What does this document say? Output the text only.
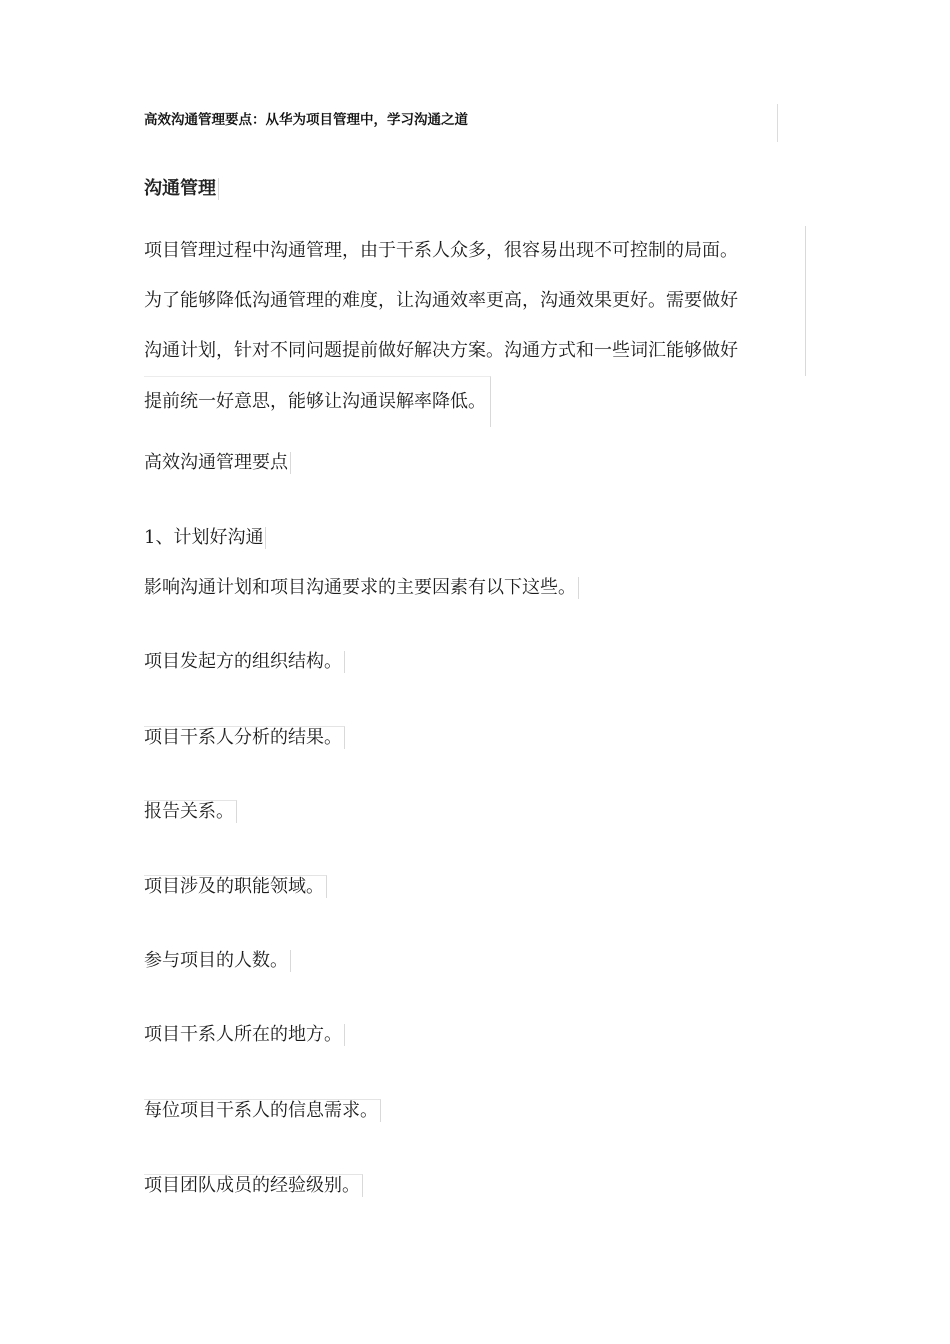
高效沟通管理要点：从华为项目管理中，学习沟通之道

沟通管理

项目管理过程中沟通管理，由于干系人众多，很容易出现不可控制的局面。
为了能够降低沟通管理的难度，让沟通效率更高，沟通效果更好。需要做好
沟通计划，针对不同问题提前做好解决方案。沟通方式和一些词汇能够做好
提前统一好意思，能够让沟通误解率降低。

高效沟通管理要点

1、计划好沟通

影响沟通计划和项目沟通要求的主要因素有以下这些。

项目发起方的组织结构。

项目干系人分析的结果。

报告关系。

项目涉及的职能领域。

参与项目的人数。

项目干系人所在的地方。

每位项目干系人的信息需求。

项目团队成员的经验级别。
